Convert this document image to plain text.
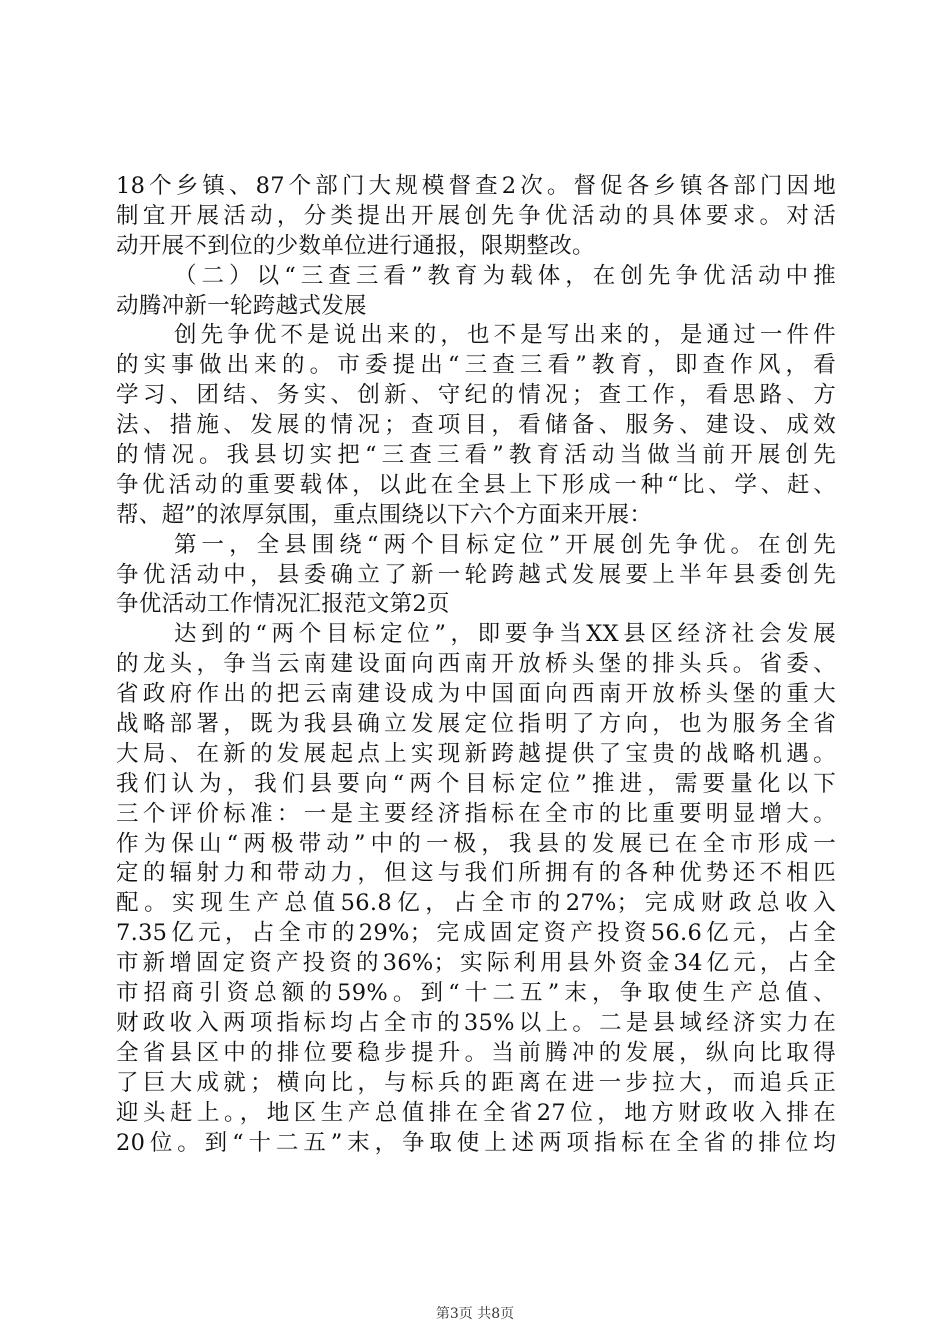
18个乡镇、87个部门大规模督查2次。督促各乡镇各部门因地
制宜开展活动，分类提出开展创先争优活动的具体要求。对活
动开展不到位的少数单位进行通报，限期整改。
（二）以“三查三看”教育为载体，在创先争优活动中推
动腾冲新一轮跨越式发展
创先争优不是说出来的，也不是写出来的，是通过一件件
的实事做出来的。市委提出“三查三看”教育，即查作风，看
学习、团结、务实、创新、守纪的情况；查工作，看思路、方
法、措施、发展的情况；查项目，看储备、服务、建设、成效
的情况。我县切实把“三查三看”教育活动当做当前开展创先
争优活动的重要载体，以此在全县上下形成一种“比、学、赶、
帮、超”的浓厚氛围，重点围绕以下六个方面来开展：
第一，全县围绕“两个目标定位”开展创先争优。在创先
争优活动中，县委确立了新一轮跨越式发展要上半年县委创先
争优活动工作情况汇报范文第2页
达到的“两个目标定位”，即要争当XX县区经济社会发展
的龙头，争当云南建设面向西南开放桥头堡的排头兵。省委、
省政府作出的把云南建设成为中国面向西南开放桥头堡的重大
战略部署，既为我县确立发展定位指明了方向，也为服务全省
大局、在新的发展起点上实现新跨越提供了宝贵的战略机遇。
我们认为，我们县要向“两个目标定位”推进，需要量化以下
三个评价标准：一是主要经济指标在全市的比重要明显增大。
作为保山“两极带动”中的一极，我县的发展已在全市形成一
定的辐射力和带动力，但这与我们所拥有的各种优势还不相匹
配。实现生产总值56.8亿，占全市的27%；完成财政总收入
7.35亿元，占全市的29%；完成固定资产投资56.6亿元，占全
市新增固定资产投资的36%；实际利用县外资金34亿元，占全
市招商引资总额的59%。到“十二五”末，争取使生产总值、
财政收入两项指标均占全市的35%以上。二是县域经济实力在
全省县区中的排位要稳步提升。当前腾冲的发展，纵向比取得
了巨大成就；横向比，与标兵的距离在进一步拉大，而追兵正
迎头赶上。，地区生产总值排在全省27位，地方财政收入排在
20位。到“十二五”末，争取使上述两项指标在全省的排位均
第3页 共8页
